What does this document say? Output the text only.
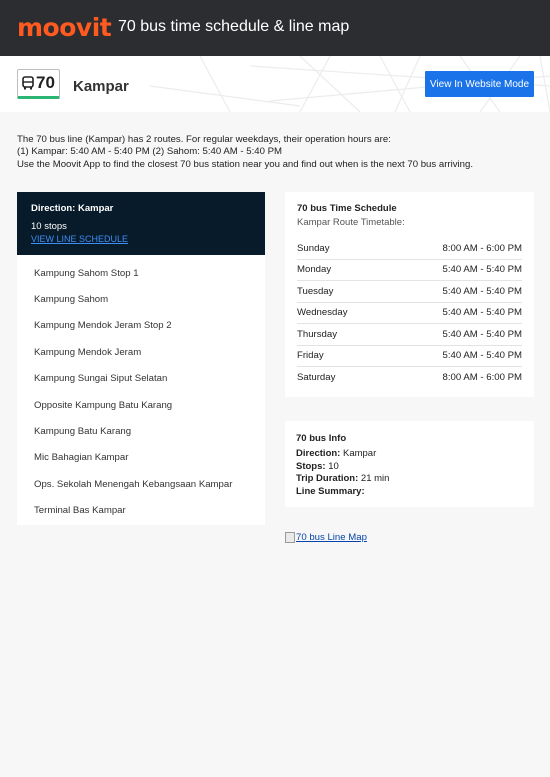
moovit 70 bus time schedule & line map
70 Kampar	View In Website Mode
The 70 bus line (Kampar) has 2 routes. For regular weekdays, their operation hours are:
(1) Kampar: 5:40 AM - 5:40 PM (2) Sahom: 5:40 AM - 5:40 PM
Use the Moovit App to find the closest 70 bus station near you and find out when is the next 70 bus arriving.
Direction: Kampar
10 stops
VIEW LINE SCHEDULE
Kampung Sahom Stop 1
Kampung Sahom
Kampung Mendok Jeram Stop 2
Kampung Mendok Jeram
Kampung Sungai Siput Selatan
Opposite Kampung Batu Karang
Kampung Batu Karang
Mic Bahagian Kampar
Ops. Sekolah Menengah Kebangsaan Kampar
Terminal Bas Kampar
70 bus Time Schedule
Kampar Route Timetable:
Sunday	8:00 AM - 6:00 PM
Monday	5:40 AM - 5:40 PM
Tuesday	5:40 AM - 5:40 PM
Wednesday	5:40 AM - 5:40 PM
Thursday	5:40 AM - 5:40 PM
Friday	5:40 AM - 5:40 PM
Saturday	8:00 AM - 6:00 PM
70 bus Info
Direction: Kampar
Stops: 10
Trip Duration: 21 min
Line Summary:
70 bus Line Map
